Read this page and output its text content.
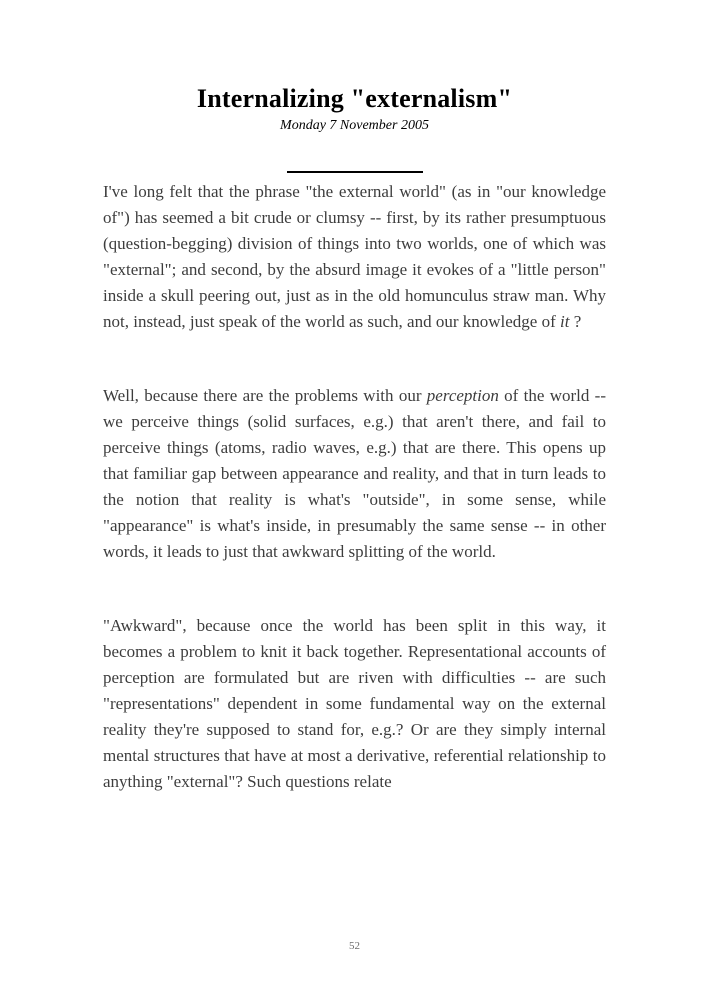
Internalizing "externalism"
Monday 7 November 2005

I've long felt that the phrase "the external world" (as in "our knowledge of") has seemed a bit crude or clumsy -- first, by its rather presumptuous (question-begging) division of things into two worlds, one of which was "external"; and second, by the absurd image it evokes of a "little person" inside a skull peering out, just as in the old homunculus straw man. Why not, instead, just speak of the world as such, and our knowledge of it ?

Well, because there are the problems with our perception of the world -- we perceive things (solid surfaces, e.g.) that aren't there, and fail to perceive things (atoms, radio waves, e.g.) that are there. This opens up that familiar gap between appearance and reality, and that in turn leads to the notion that reality is what's "outside", in some sense, while "appearance" is what's inside, in presumably the same sense -- in other words, it leads to just that awkward splitting of the world.

"Awkward", because once the world has been split in this way, it becomes a problem to knit it back together. Representational accounts of perception are formulated but are riven with difficulties -- are such "representations" dependent in some fundamental way on the external reality they're supposed to stand for, e.g.? Or are they simply internal mental structures that have at most a derivative, referential relationship to anything "external"? Such questions relate

52
